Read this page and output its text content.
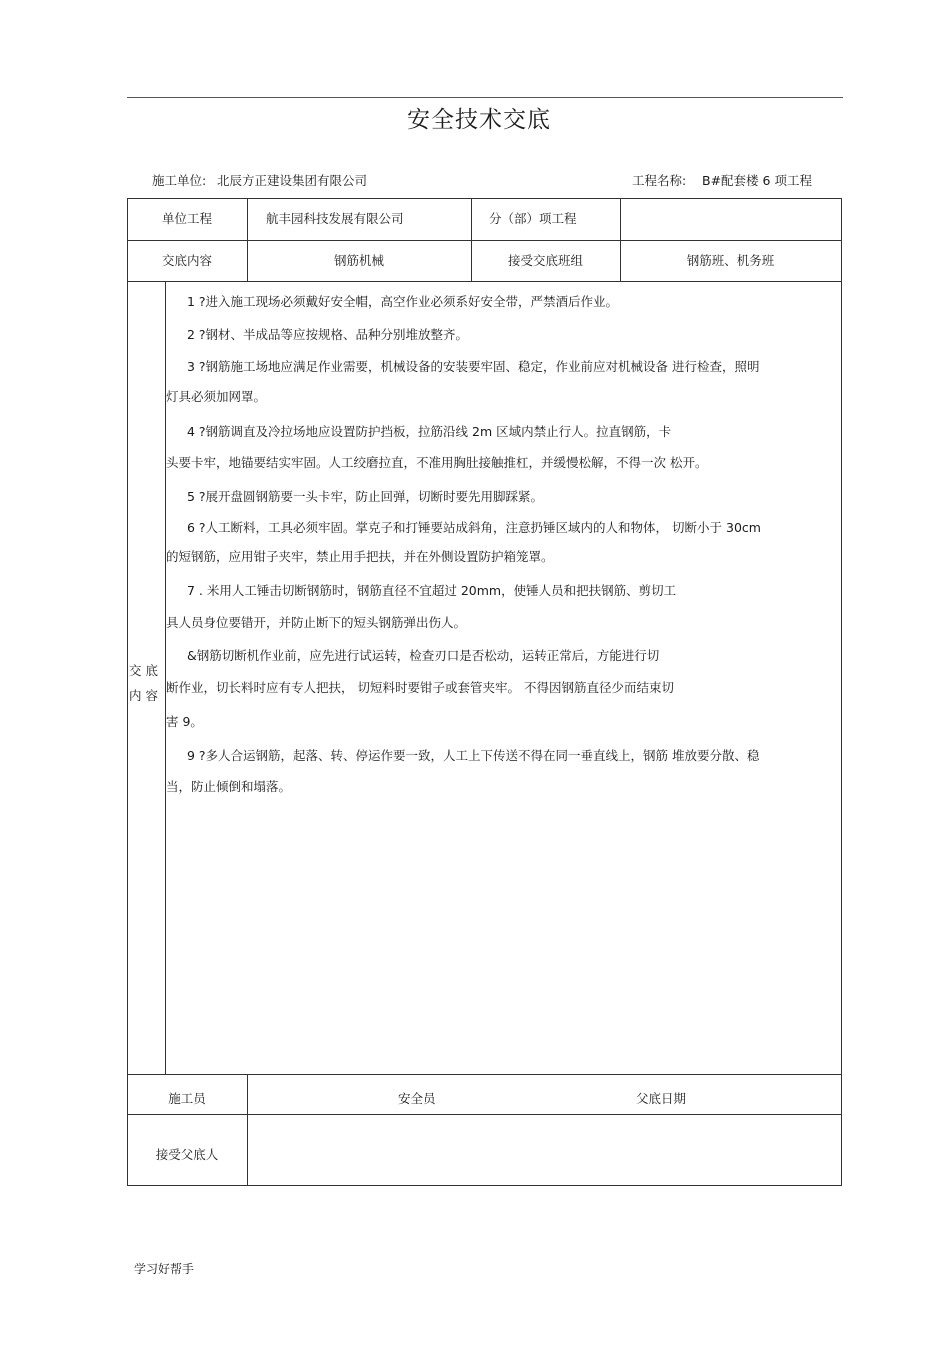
安全技术交底
施工单位: 北辰方正建设集团有限公司	工程名称: B#配套楼 6 项工程
单位工程	航丰园科技发展有限公司	分（部）项工程
交底内容	钢筋机械	接受交底班组	钢筋班、机务班
交 底
内 容
1 ?进入施工现场必须戴好安全帽，高空作业必须系好安全带，严禁酒后作业。
2 ?钢材、半成品等应按规格、品种分别堆放整齐。
3 ?钢筋施工场地应满足作业需要，机械设备的安装要牢固、稳定，作业前应对机械设备 进行检查，照明
灯具必须加网罩。
4 ?钢筋调直及冷拉场地应设置防护挡板，拉筋沿线 2m 区域内禁止行人。拉直钢筋，卡
头要卡牢，地锚要结实牢固。人工绞磨拉直，不准用胸肚接触推杠，并缓慢松解，不得一次 松开。
5 ?展开盘圆钢筋要一头卡牢，防止回弹，切断时要先用脚踩紧。
6 ?人工断料，工具必须牢固。掌克子和打锤要站成斜角，注意扔锤区域内的人和物体， 切断小于 30cm
的短钢筋，应用钳子夹牢，禁止用手把扶，并在外侧设置防护箱笼罩。
7 . 米用人工锤击切断钢筋时，钢筋直径不宜超过 20mm，使锤人员和把扶钢筋、剪切工
具人员身位要错开，并防止断下的短头钢筋弹出伤人。
&钢筋切断机作业前，应先进行试运转，检查刃口是否松动，运转正常后，方能进行切
断作业，切长料时应有专人把扶， 切短料时要钳子或套管夹牢。 不得因钢筋直径少而结束切
害 9。
9 ?多人合运钢筋，起落、转、停运作要一致，人工上下传送不得在同一垂直线上，钢筋 堆放要分散、稳
当，防止倾倒和塌落。
施工员	安全员	父底日期
接受父底人
学习好帮手
